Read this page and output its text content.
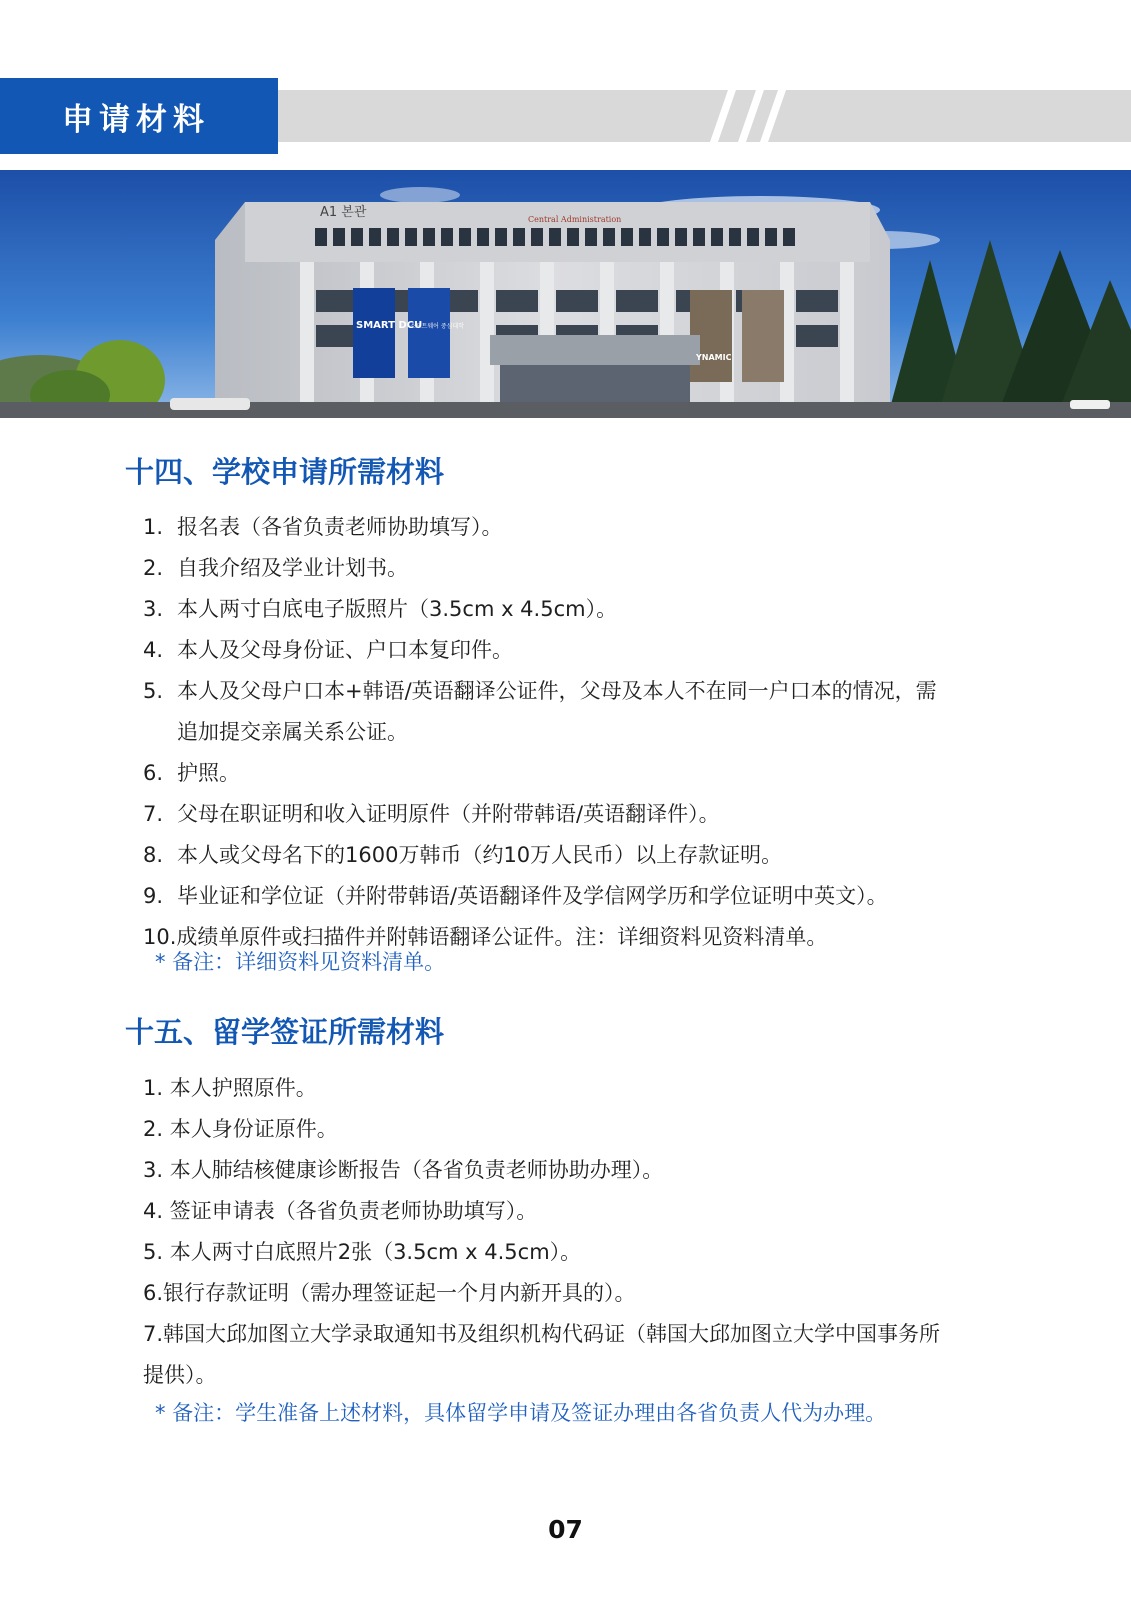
申请材料
A1 본관	Central Administration
SMART DCU
소프트웨어 중심대학
YNAMIC
十四、学校申请所需材料
1. 报名表（各省负责老师协助填写）。
2. 自我介绍及学业计划书。
3. 本人两寸白底电子版照片（3.5cm x 4.5cm）。
4. 本人及父母身份证、户口本复印件。
5. 本人及父母户口本+韩语/英语翻译公证件，父母及本人不在同一户口本的情况，需
追加提交亲属关系公证。
6. 护照。
7. 父母在职证明和收入证明原件（并附带韩语/英语翻译件）。
8. 本人或父母名下的1600万韩币（约10万人民币）以上存款证明。
9. 毕业证和学位证（并附带韩语/英语翻译件及学信网学历和学位证明中英文）。
10.成绩单原件或扫描件并附韩语翻译公证件。注：详细资料见资料清单。

* 备注：详细资料见资料清单。

十五、留学签证所需材料
1. 本人护照原件。
2. 本人身份证原件。
3. 本人肺结核健康诊断报告（各省负责老师协助办理）。
4. 签证申请表（各省负责老师协助填写）。
5. 本人两寸白底照片2张（3.5cm x 4.5cm）。
6.银行存款证明（需办理签证起一个月内新开具的）。
7.韩国大邱加图立大学录取通知书及组织机构代码证（韩国大邱加图立大学中国事务所
提供）。

* 备注：学生准备上述材料，具体留学申请及签证办理由各省负责人代为办理。

07
